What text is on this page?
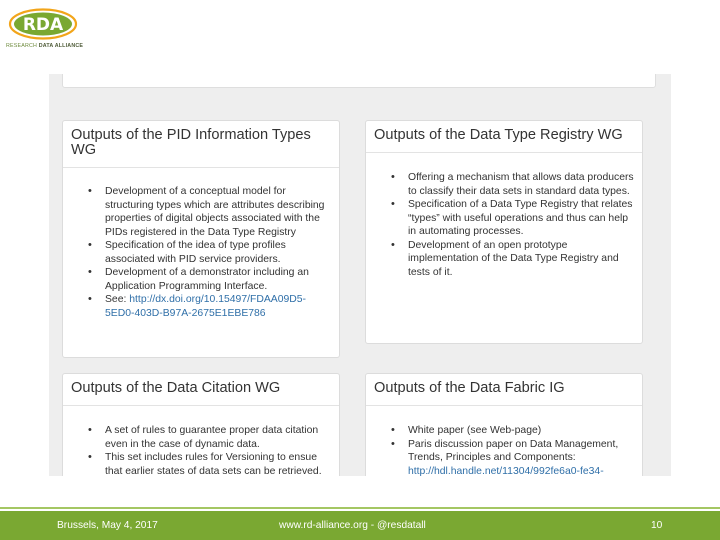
RDA
RESEARCH DATA ALLIANCE
Outputs of the PID Information Types WG
• Development of a conceptual model for structuring types which are attributes describing properties of digital objects associated with the PIDs registered in the Data Type Registry
• Specification of the idea of type profiles associated with PID service providers.
• Development of a demonstrator including an Application Programming Interface.
• See: http://dx.doi.org/10.15497/FDAA09D5-5ED0-403D-B97A-2675E1EBE786
Outputs of the Data Type Registry WG
• Offering a mechanism that allows data producers to classify their data sets in standard data types.
• Specification of a Data Type Registry that relates “types” with useful operations and thus can help in automating processes.
• Development of an open prototype implementation of the Data Type Registry and tests of it.
Outputs of the Data Citation WG
• A set of rules to guarantee proper data citation even in the case of dynamic data.
• This set includes rules for Versioning to ensue that earlier states of data sets can be retrieved.
Outputs of the Data Fabric IG
• White paper (see Web-page)
• Paris discussion paper on Data Management, Trends, Principles and Components: http://hdl.handle.net/11304/992fe6a0-fe34-
Brussels, May 4, 2017	www.rd-alliance.org - @resdatall	10
